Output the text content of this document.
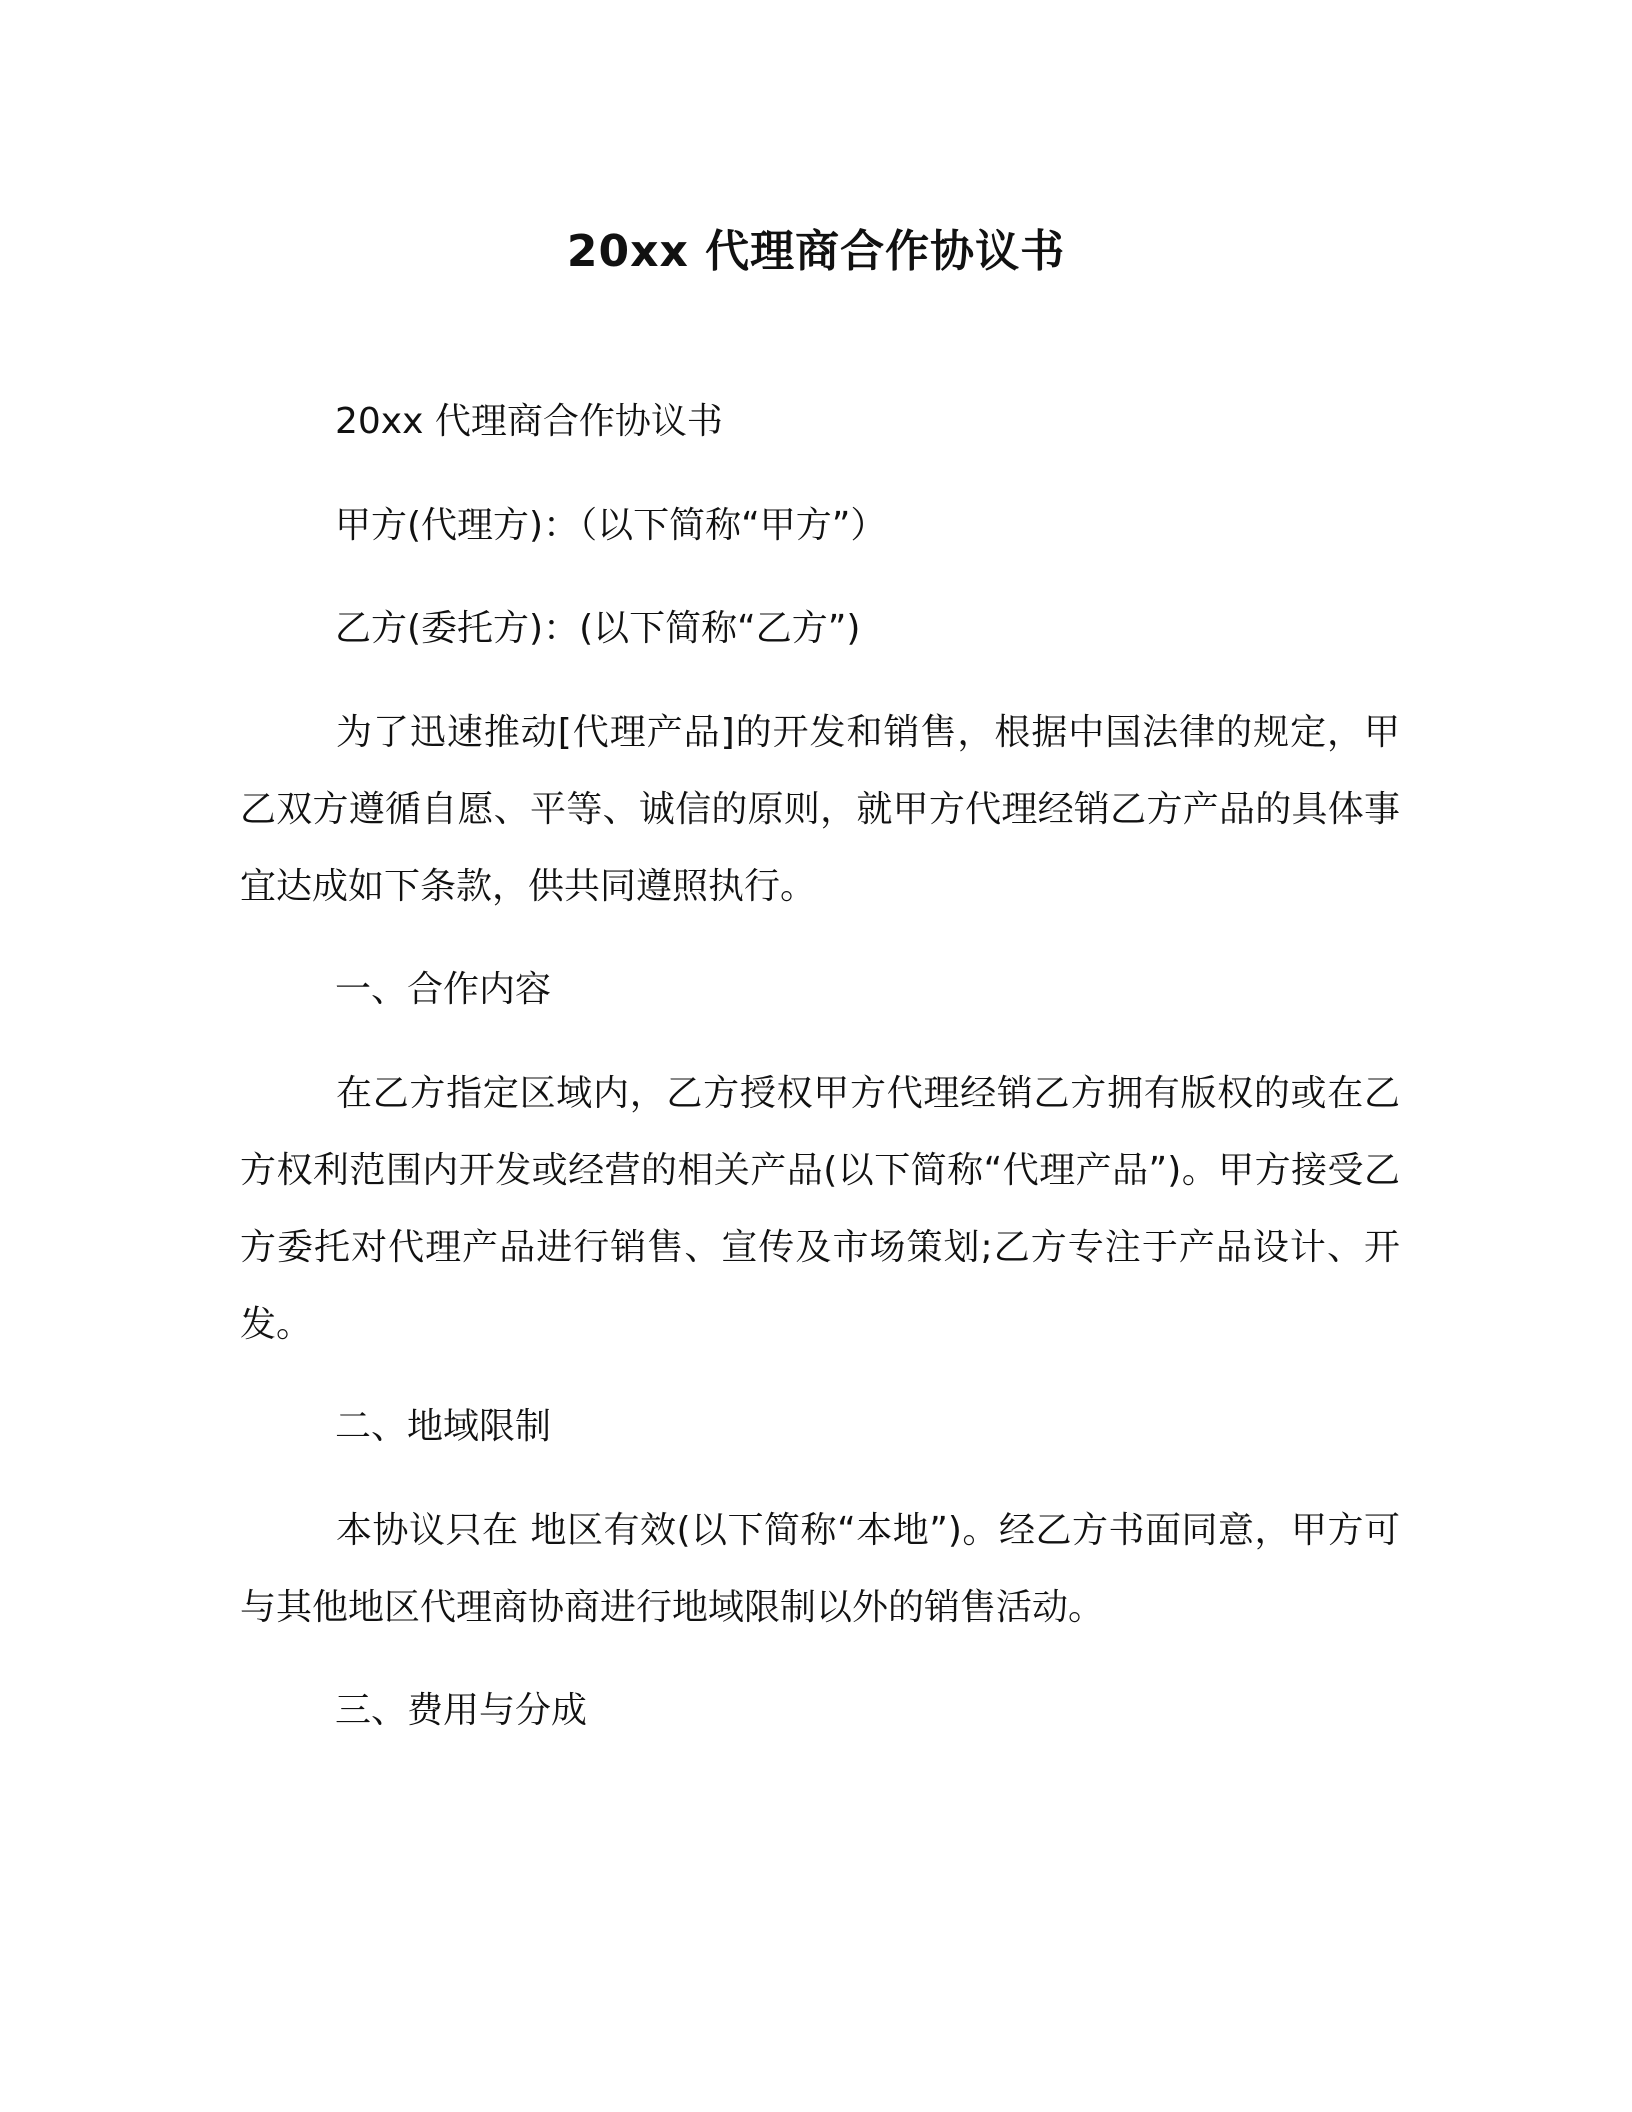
20xx 代理商合作协议书
20xx 代理商合作协议书
甲方(代理方)：（以下简称“甲方”）
乙方(委托方)：(以下简称“乙方”)
为了迅速推动[代理产品]的开发和销售，根据中国法律的规定，甲乙双方遵循自愿、平等、诚信的原则，就甲方代理经销乙方产品的具体事宜达成如下条款，供共同遵照执行。
一、合作内容
在乙方指定区域内，乙方授权甲方代理经销乙方拥有版权的或在乙方权利范围内开发或经营的相关产品(以下简称“代理产品”)。甲方接受乙方委托对代理产品进行销售、宣传及市场策划;乙方专注于产品设计、开发。
二、地域限制
本协议只在 地区有效(以下简称“本地”)。经乙方书面同意，甲方可与其他地区代理商协商进行地域限制以外的销售活动。
三、费用与分成
